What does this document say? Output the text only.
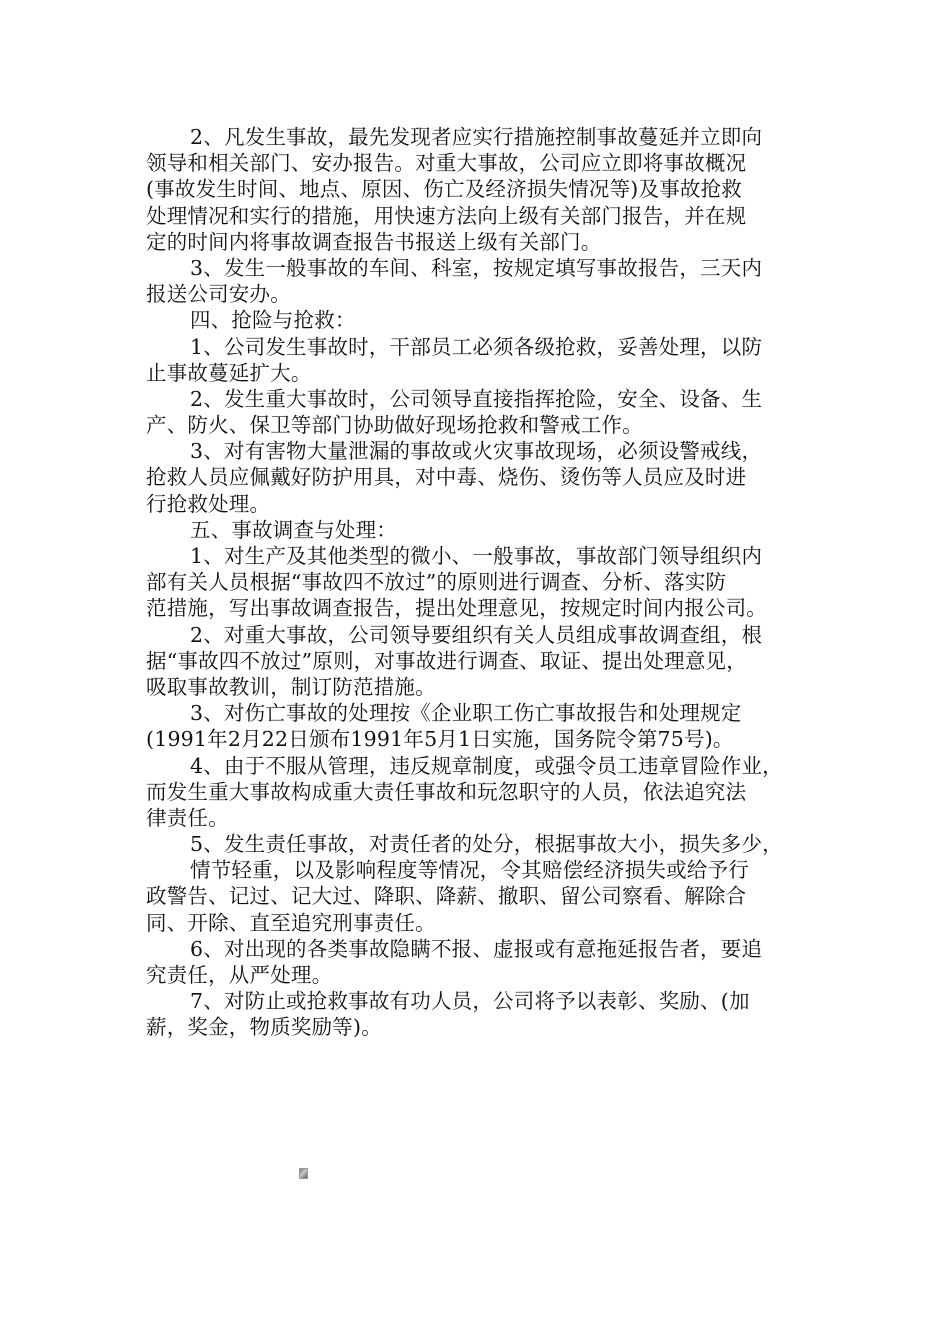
2、凡发生事故，最先发现者应实行措施控制事故蔓延并立即向
领导和相关部门、安办报告。对重大事故，公司应立即将事故概况
(事故发生时间、地点、原因、伤亡及经济损失情况等)及事故抢救
处理情况和实行的措施，用快速方法向上级有关部门报告，并在规
定的时间内将事故调查报告书报送上级有关部门。
3、发生一般事故的车间、科室，按规定填写事故报告，三天内
报送公司安办。
四、抢险与抢救：
1、公司发生事故时，干部员工必须各级抢救，妥善处理，以防
止事故蔓延扩大。
2、发生重大事故时，公司领导直接指挥抢险，安全、设备、生
产、防火、保卫等部门协助做好现场抢救和警戒工作。
3、对有害物大量泄漏的事故或火灾事故现场，必须设警戒线，
抢救人员应佩戴好防护用具，对中毒、烧伤、烫伤等人员应及时进
行抢救处理。
五、事故调查与处理：
1、对生产及其他类型的微小、一般事故，事故部门领导组织内
部有关人员根据“事故四不放过”的原则进行调查、分析、落实防
范措施，写出事故调查报告，提出处理意见，按规定时间内报公司。
2、对重大事故，公司领导要组织有关人员组成事故调查组，根
据“事故四不放过”原则，对事故进行调查、取证、提出处理意见，
吸取事故教训，制订防范措施。
3、对伤亡事故的处理按《企业职工伤亡事故报告和处理规定
(1991年2月22日颁布1991年5月1日实施，国务院令第75号)。
4、由于不服从管理，违反规章制度，或强令员工违章冒险作业，
而发生重大事故构成重大责任事故和玩忽职守的人员，依法追究法
律责任。
5、发生责任事故，对责任者的处分，根据事故大小，损失多少，
情节轻重，以及影响程度等情况，令其赔偿经济损失或给予行
政警告、记过、记大过、降职、降薪、撤职、留公司察看、解除合
同、开除、直至追究刑事责任。
6、对出现的各类事故隐瞒不报、虚报或有意拖延报告者，要追
究责任，从严处理。
7、对防止或抢救事故有功人员，公司将予以表彰、奖励、(加
薪，奖金，物质奖励等)。
